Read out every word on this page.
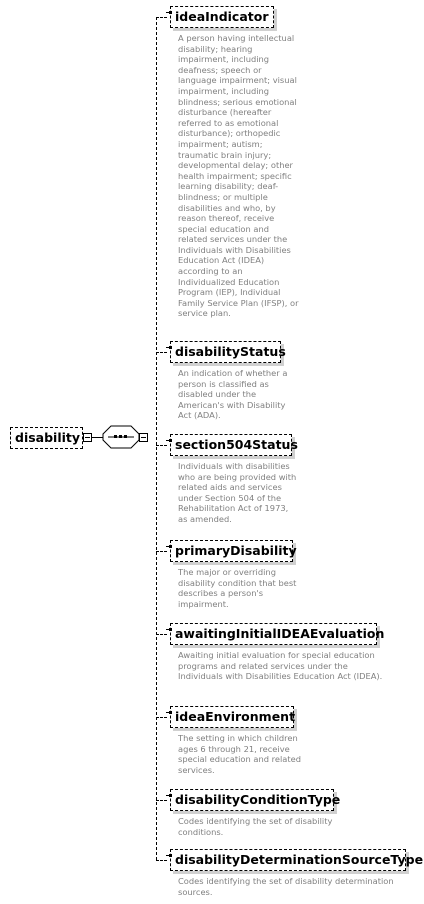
disability
ideaIndicator

A person having intellectual disability; hearing impairment, including deafness; speech or language impairment; visual impairment, including blindness; serious emotional disturbance (hereafter referred to as emotional disturbance); orthopedic impairment; autism; traumatic brain injury; developmental delay; other health impairment; specific learning disability; deaf-blindness; or multiple disabilities and who, by reason thereof, receive special education and related services under the Individuals with Disabilities Education Act (IDEA) according to an Individualized Education Program (IEP), Individual Family Service Plan (IFSP), or service plan.

disabilityStatus

An indication of whether a person is classified as disabled under the American's with Disability Act (ADA).

section504Status

Individuals with disabilities who are being provided with related aids and services under Section 504 of the Rehabilitation Act of 1973, as amended.

primaryDisability

The major or overriding disability condition that best describes a person's impairment.

awaitingInitialIDEAEvaluation

Awaiting initial evaluation for special education programs and related services under the Individuals with Disabilities Education Act (IDEA).

ideaEnvironment

The setting in which children ages 6 through 21, receive special education and related services.

disabilityConditionType

Codes identifying the set of disability conditions.

disabilityDeterminationSourceType

Codes identifying the set of disability determination sources.
